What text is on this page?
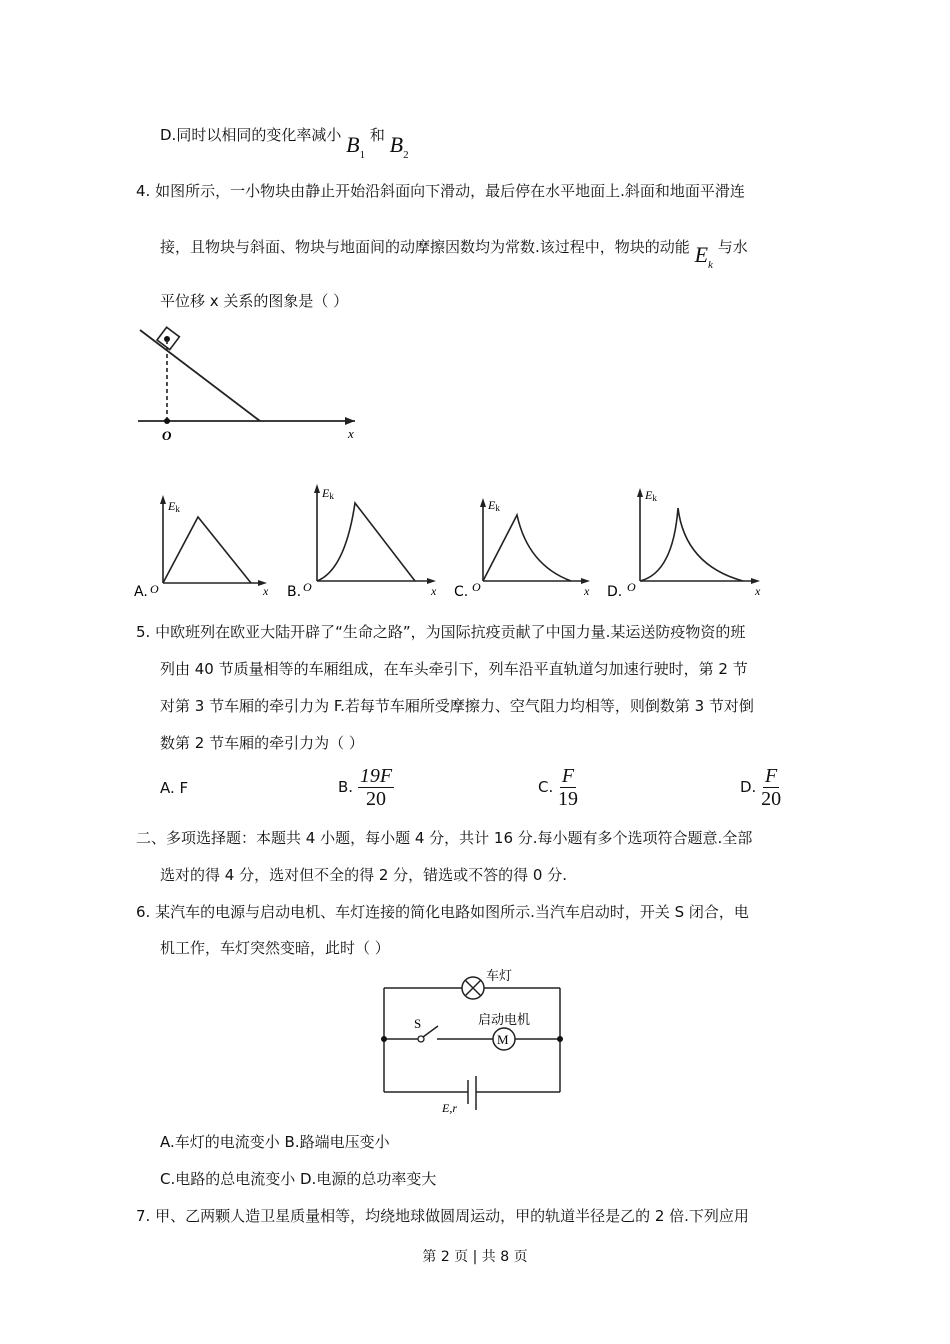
D.同时以相同的变化率减小 $B_1$ 和 $B_2$
4. 如图所示，一小物块由静止开始沿斜面向下滑动，最后停在水平地面上.斜面和地面平滑连
接，且物块与斜面、物块与地面间的动摩擦因数均为常数.该过程中，物块的动能 $E_k$ 与水
平位移 x 关系的图象是（ ）
O	x
A.
Ek
O	x B.
Ek
O	x C.
Ek
O	x D.
Ek
O	x
5. 中欧班列在欧亚大陆开辟了“生命之路”，为国际抗疫贡献了中国力量.某运送防疫物资的班
列由 40 节质量相等的车厢组成，在车头牵引下，列车沿平直轨道匀加速行驶时，第 2 节
对第 3 节车厢的牵引力为 F.若每节车厢所受摩擦力、空气阻力均相等，则倒数第 3 节对倒
数第 2 节车厢的牵引力为（ ）
A. F	B. $\frac{19F}{20}$	C. $\frac{F}{19}$	D. $\frac{F}{20}$
二、多项选择题：本题共 4 小题，每小题 4 分，共计 16 分.每小题有多个选项符合题意.全部
选对的得 4 分，选对但不全的得 2 分，错选或不答的得 0 分.
6. 某汽车的电源与启动电机、车灯连接的简化电路如图所示.当汽车启动时，开关 S 闭合，电
机工作，车灯突然变暗，此时（ ）
车灯
S
M
启动电机
E,r
A.车灯的电流变小 B.路端电压变小
C.电路的总电流变小 D.电源的总功率变大
7. 甲、乙两颗人造卫星质量相等，均绕地球做圆周运动，甲的轨道半径是乙的 2 倍.下列应用
第 2 页 | 共 8 页
